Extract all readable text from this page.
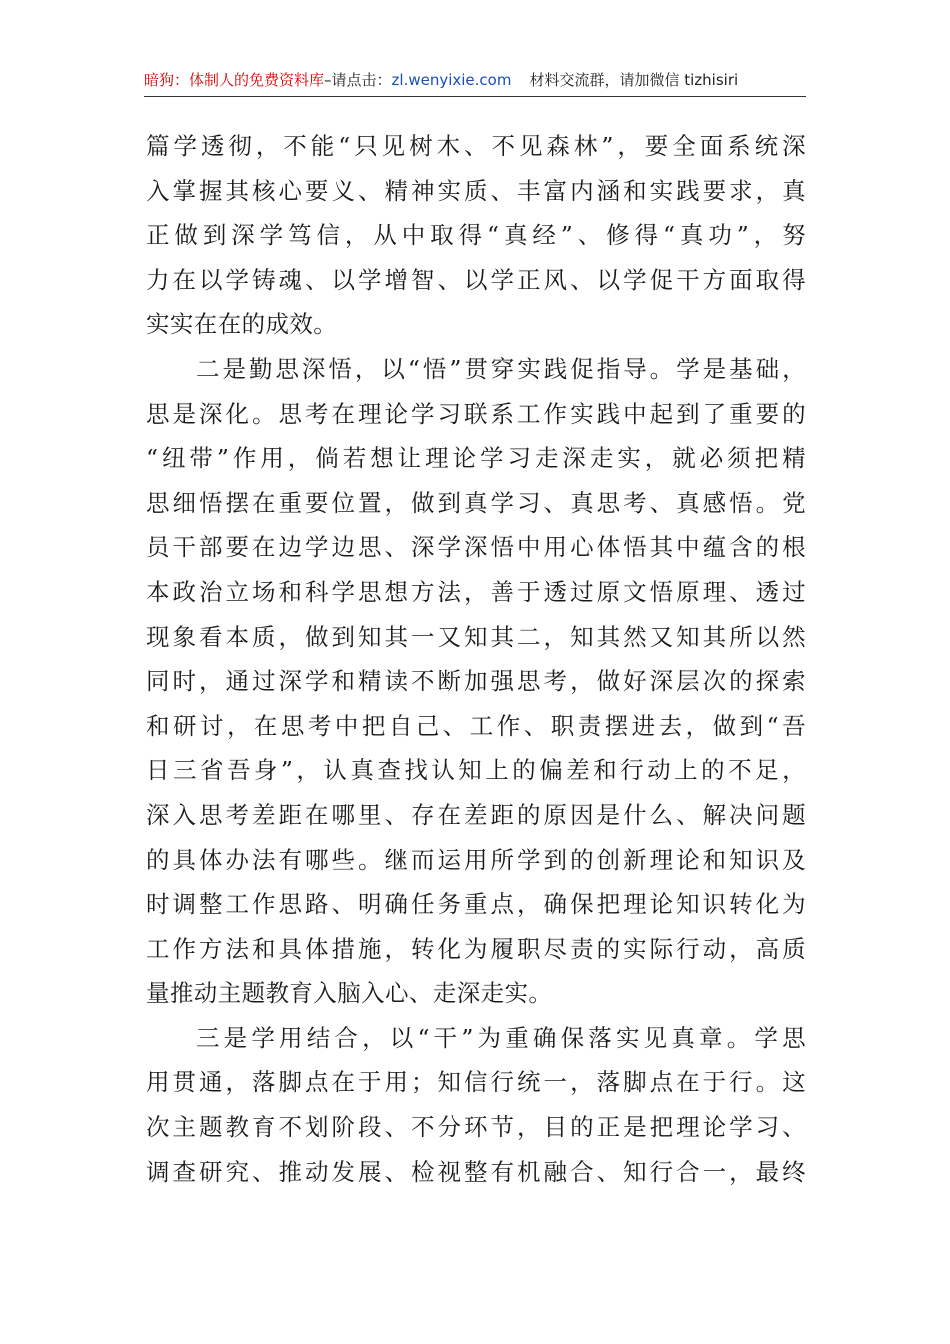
暗狗：体制人的免费资料库–请点击：zl.wenyixie.com 材料交流群，请加微信 tizhisiri
篇学透彻，不能“只见树木、不见森林”，要全面系统深
入掌握其核心要义、精神实质、丰富内涵和实践要求，真
正做到深学笃信，从中取得“真经”、修得“真功”，努
力在以学铸魂、以学增智、以学正风、以学促干方面取得
实实在在的成效。
二是勤思深悟，以“悟”贯穿实践促指导。学是基础，
思是深化。思考在理论学习联系工作实践中起到了重要的
“纽带”作用，倘若想让理论学习走深走实，就必须把精
思细悟摆在重要位置，做到真学习、真思考、真感悟。党
员干部要在边学边思、深学深悟中用心体悟其中蕴含的根
本政治立场和科学思想方法，善于透过原文悟原理、透过
现象看本质，做到知其一又知其二，知其然又知其所以然
同时，通过深学和精读不断加强思考，做好深层次的探索
和研讨，在思考中把自己、工作、职责摆进去，做到“吾
日三省吾身”，认真查找认知上的偏差和行动上的不足，
深入思考差距在哪里、存在差距的原因是什么、解决问题
的具体办法有哪些。继而运用所学到的创新理论和知识及
时调整工作思路、明确任务重点，确保把理论知识转化为
工作方法和具体措施，转化为履职尽责的实际行动，高质
量推动主题教育入脑入心、走深走实。
三是学用结合，以“干”为重确保落实见真章。学思
用贯通，落脚点在于用；知信行统一，落脚点在于行。这
次主题教育不划阶段、不分环节，目的正是把理论学习、
调查研究、推动发展、检视整有机融合、知行合一，最终
